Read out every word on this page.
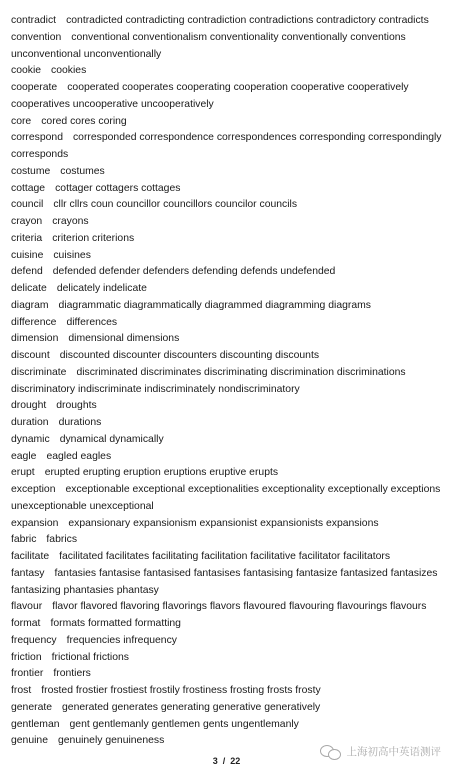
contradict contradicted contradicting contradiction contradictions contradictory contradicts
convention conventional conventionalism conventionality conventionally conventions unconventional unconventionally
cookie cookies
cooperate cooperated cooperates cooperating cooperation cooperative cooperatively cooperatives uncooperative uncooperatively
core cored cores coring
correspond corresponded correspondence correspondences corresponding correspondingly corresponds
costume costumes
cottage cottager cottagers cottages
council cllr cllrs coun councillor councillors councilor councils
crayon crayons
criteria criterion criterions
cuisine cuisines
defend defended defender defenders defending defends undefended
delicate delicately indelicate
diagram diagrammatic diagrammatically diagrammed diagramming diagrams
difference differences
dimension dimensional dimensions
discount discounted discounter discounters discounting discounts
discriminate discriminated discriminates discriminating discrimination discriminations discriminatory indiscriminate indiscriminately nondiscriminatory
drought droughts
duration durations
dynamic dynamical dynamically
eagle eagled eagles
erupt erupted erupting eruption eruptions eruptive erupts
exception exceptionable exceptional exceptionalities exceptionality exceptionally exceptions unexceptionable unexceptional
expansion expansionary expansionism expansionist expansionists expansions
fabric fabrics
facilitate facilitated facilitates facilitating facilitation facilitative facilitator facilitators
fantasy fantasies fantasise fantasised fantasises fantasising fantasize fantasized fantasizes fantasizing phantasies phantasy
flavour flavor flavored flavoring flavorings flavors flavoured flavouring flavourings flavours
format formats formatted formatting
frequency frequencies infrequency
friction frictional frictions
frontier frontiers
frost frosted frostier frostiest frostily frostiness frosting frosts frosty
generate generated generates generating generative generatively
gentleman gent gentlemanly gentlemen gents ungentlemanly
genuine genuinely genuineness
3  /  22
上海初高中英语测评
